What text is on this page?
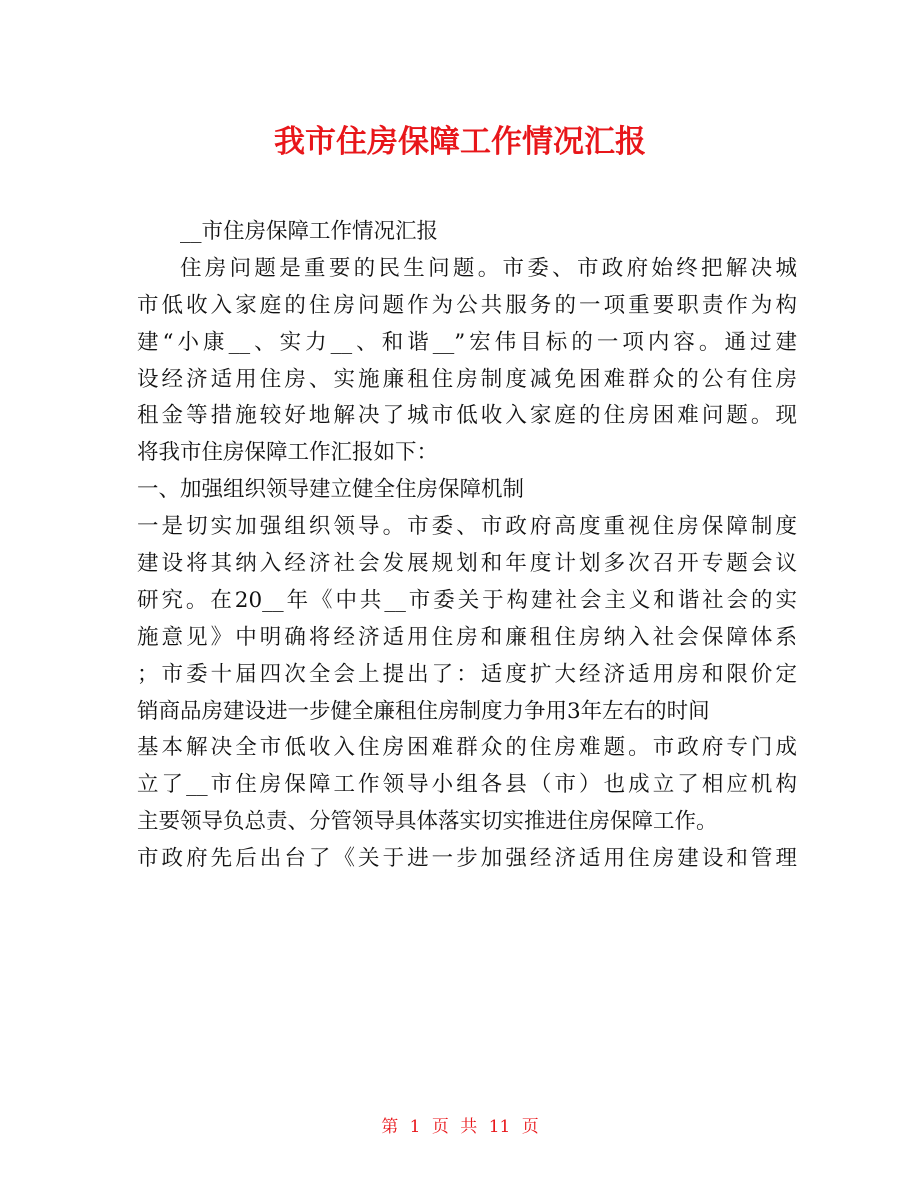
我市住房保障工作情况汇报
__市住房保障工作情况汇报
住房问题是重要的民生问题。市委、市政府始终把解决城
市低收入家庭的住房问题作为公共服务的一项重要职责作为构
建“小康__、实力__、和谐__”宏伟目标的一项内容。通过建
设经济适用住房、实施廉租住房制度减免困难群众的公有住房
租金等措施较好地解决了城市低收入家庭的住房困难问题。现
将我市住房保障工作汇报如下：
一、加强组织领导建立健全住房保障机制
一是切实加强组织领导。市委、市政府高度重视住房保障制度
建设将其纳入经济社会发展规划和年度计划多次召开专题会议
研究。在20__年《中共__市委关于构建社会主义和谐社会的实
施意见》中明确将经济适用住房和廉租住房纳入社会保障体系
；市委十届四次全会上提出了：适度扩大经济适用房和限价定
销商品房建设进一步健全廉租住房制度力争用3年左右的时间
基本解决全市低收入住房困难群众的住房难题。市政府专门成
立了__市住房保障工作领导小组各县（市）也成立了相应机构
主要领导负总责、分管领导具体落实切实推进住房保障工作。
市政府先后出台了《关于进一步加强经济适用住房建设和管理
第 1 页 共 11 页
